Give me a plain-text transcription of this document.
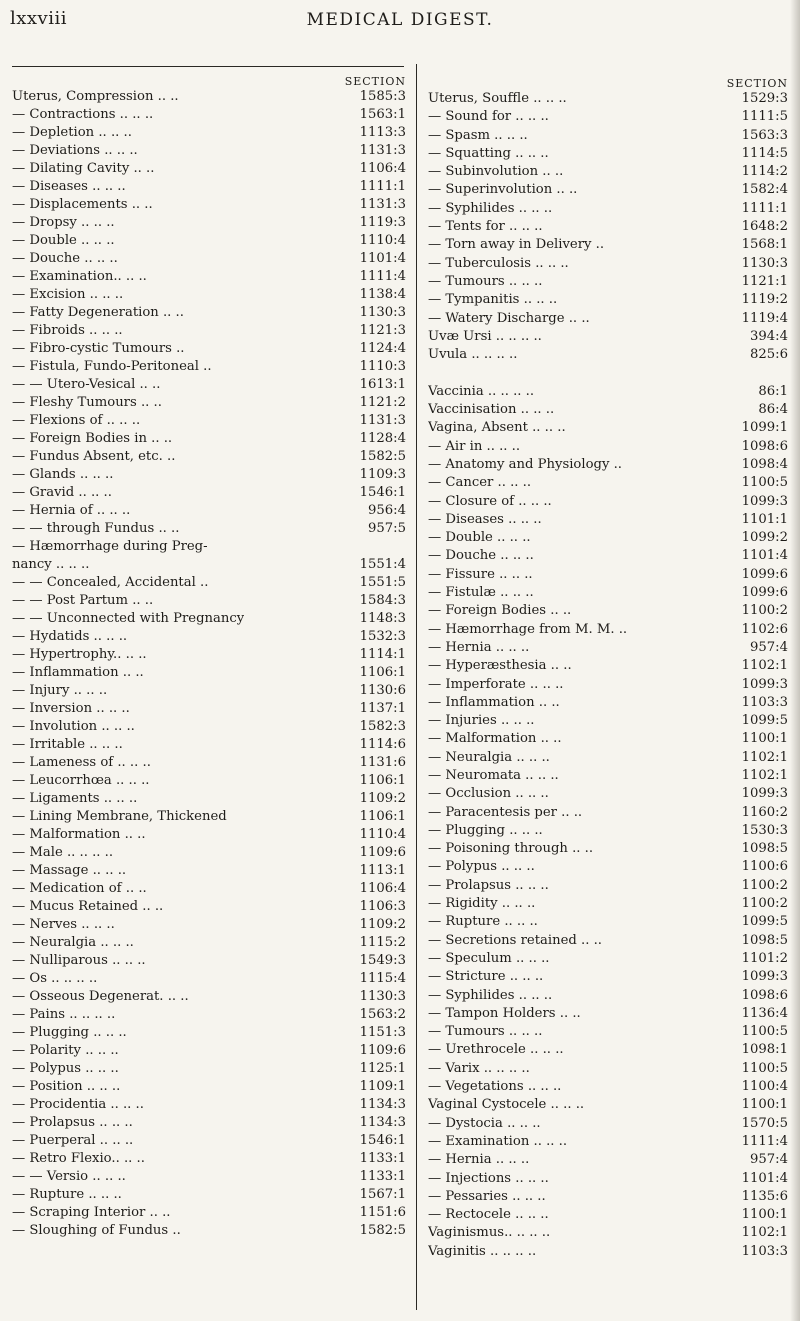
lxxviii	MEDICAL DIGEST.
SECTION
Uterus, Compression .. ..	1585:3
— Contractions .. .. ..	1563:1
— Depletion .. .. ..	1113:3
— Deviations .. .. ..	1131:3
— Dilating Cavity .. ..	1106:4
— Diseases .. .. ..	1111:1
— Displacements .. ..	1131:3
— Dropsy .. .. ..	1119:3
— Double .. .. ..	1110:4
— Douche .. .. ..	1101:4
— Examination.. .. ..	1111:4
— Excision .. .. ..	1138:4
— Fatty Degeneration .. ..	1130:3
— Fibroids .. .. ..	1121:3
— Fibro-cystic Tumours ..	1124:4
— Fistula, Fundo-Peritoneal ..	1110:3
— — Utero-Vesical .. ..	1613:1
— Fleshy Tumours .. ..	1121:2
— Flexions of .. .. ..	1131:3
— Foreign Bodies in .. ..	1128:4
— Fundus Absent, etc. ..	1582:5
— Glands .. .. ..	1109:3
— Gravid .. .. ..	1546:1
— Hernia of .. .. ..	956:4
— — through Fundus .. ..	957:5
— Hæmorrhage during Preg-
nancy .. .. ..	1551:4
— — Concealed, Accidental ..	1551:5
— — Post Partum .. ..	1584:3
— — Unconnected with Pregnancy	1148:3
— Hydatids .. .. ..	1532:3
— Hypertrophy.. .. ..	1114:1
— Inflammation .. ..	1106:1
— Injury .. .. ..	1130:6
— Inversion .. .. ..	1137:1
— Involution .. .. ..	1582:3
— Irritable .. .. ..	1114:6
— Lameness of .. .. ..	1131:6
— Leucorrhœa .. .. ..	1106:1
— Ligaments .. .. ..	1109:2
— Lining Membrane, Thickened	1106:1
— Malformation .. ..	1110:4
— Male .. .. .. ..	1109:6
— Massage .. .. ..	1113:1
— Medication of .. ..	1106:4
— Mucus Retained .. ..	1106:3
— Nerves .. .. ..	1109:2
— Neuralgia .. .. ..	1115:2
— Nulliparous .. .. ..	1549:3
— Os .. .. .. ..	1115:4
— Osseous Degenerat. .. ..	1130:3
— Pains .. .. .. ..	1563:2
— Plugging .. .. ..	1151:3
— Polarity .. .. ..	1109:6
— Polypus .. .. ..	1125:1
— Position .. .. ..	1109:1
— Procidentia .. .. ..	1134:3
— Prolapsus .. .. ..	1134:3
— Puerperal .. .. ..	1546:1
— Retro Flexio.. .. ..	1133:1
— — Versio .. .. ..	1133:1
— Rupture .. .. ..	1567:1
— Scraping Interior .. ..	1151:6
— Sloughing of Fundus ..	1582:5
SECTION
Uterus, Souffle .. .. ..	1529:3
— Sound for .. .. ..	1111:5
— Spasm .. .. ..	1563:3
— Squatting .. .. ..	1114:5
— Subinvolution .. ..	1114:2
— Superinvolution .. ..	1582:4
— Syphilides .. .. ..	1111:1
— Tents for .. .. ..	1648:2
— Torn away in Delivery ..	1568:1
— Tuberculosis .. .. ..	1130:3
— Tumours .. .. ..	1121:1
— Tympanitis .. .. ..	1119:2
— Watery Discharge .. ..	1119:4
Uvæ Ursi .. .. .. ..	394:4
Uvula .. .. .. ..	825:6
Vaccinia .. .. .. ..	86:1
Vaccinisation .. .. ..	86:4
Vagina, Absent .. .. ..	1099:1
— Air in .. .. ..	1098:6
— Anatomy and Physiology ..	1098:4
— Cancer .. .. ..	1100:5
— Closure of .. .. ..	1099:3
— Diseases .. .. ..	1101:1
— Double .. .. ..	1099:2
— Douche .. .. ..	1101:4
— Fissure .. .. ..	1099:6
— Fistulæ .. .. ..	1099:6
— Foreign Bodies .. ..	1100:2
— Hæmorrhage from M. M. ..	1102:6
— Hernia .. .. ..	957:4
— Hyperæsthesia .. ..	1102:1
— Imperforate .. .. ..	1099:3
— Inflammation .. ..	1103:3
— Injuries .. .. ..	1099:5
— Malformation .. ..	1100:1
— Neuralgia .. .. ..	1102:1
— Neuromata .. .. ..	1102:1
— Occlusion .. .. ..	1099:3
— Paracentesis per .. ..	1160:2
— Plugging .. .. ..	1530:3
— Poisoning through .. ..	1098:5
— Polypus .. .. ..	1100:6
— Prolapsus .. .. ..	1100:2
— Rigidity .. .. ..	1100:2
— Rupture .. .. ..	1099:5
— Secretions retained .. ..	1098:5
— Speculum .. .. ..	1101:2
— Stricture .. .. ..	1099:3
— Syphilides .. .. ..	1098:6
— Tampon Holders .. ..	1136:4
— Tumours .. .. ..	1100:5
— Urethrocele .. .. ..	1098:1
— Varix .. .. .. ..	1100:5
— Vegetations .. .. ..	1100:4
Vaginal Cystocele .. .. ..	1100:1
— Dystocia .. .. ..	1570:5
— Examination .. .. ..	1111:4
— Hernia .. .. ..	957:4
— Injections .. .. ..	1101:4
— Pessaries .. .. ..	1135:6
— Rectocele .. .. ..	1100:1
Vaginismus.. .. .. ..	1102:1
Vaginitis .. .. .. ..	1103:3
